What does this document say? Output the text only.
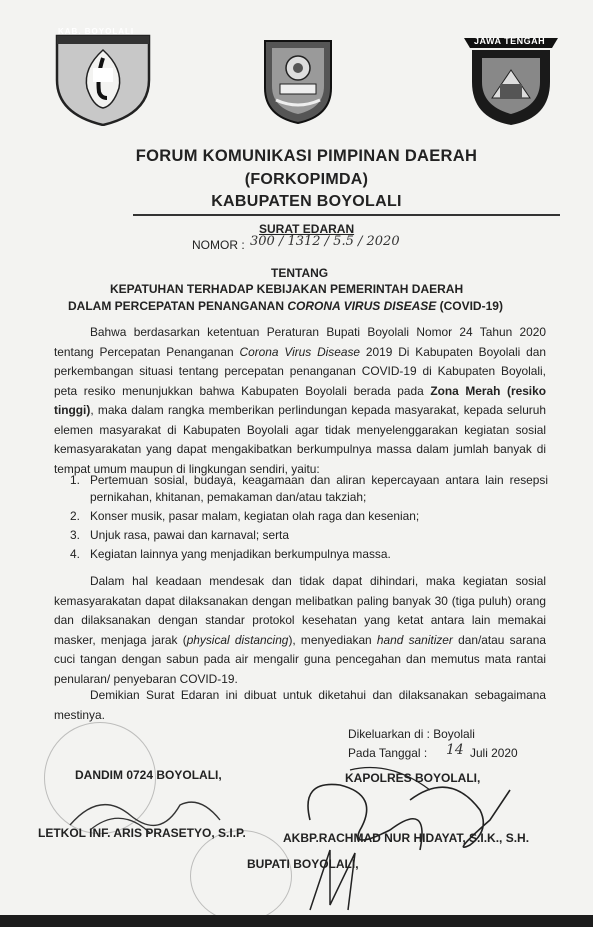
KAB. BOYOLALI
JAWA TENGAH
FORUM KOMUNIKASI PIMPINAN DAERAH
(FORKOPIMDA)
KABUPATEN BOYOLALI
SURAT EDARAN
NOMOR : 300 / 1312 / 5.5 / 2020
TENTANG
KEPATUHAN TERHADAP KEBIJAKAN PEMERINTAH DAERAH
DALAM PERCEPATAN PENANGANAN CORONA VIRUS DISEASE (COVID-19)
Bahwa berdasarkan ketentuan Peraturan Bupati Boyolali Nomor 24 Tahun 2020 tentang Percepatan Penanganan Corona Virus Disease 2019 Di Kabupaten Boyolali dan perkembangan situasi tentang percepatan penanganan COVID-19 di Kabupaten Boyolali, peta resiko menunjukkan bahwa Kabupaten Boyolali berada pada Zona Merah (resiko tinggi), maka dalam rangka memberikan perlindungan kepada masyarakat, kepada seluruh elemen masyarakat di Kabupaten Boyolali agar tidak menyelenggarakan kegiatan sosial kemasyarakatan yang dapat mengakibatkan berkumpulnya massa dalam jumlah banyak di tempat umum maupun di lingkungan sendiri, yaitu:
1. Pertemuan sosial, budaya, keagamaan dan aliran kepercayaan antara lain resepsi pernikahan, khitanan, pemakaman dan/atau takziah;
2. Konser musik, pasar malam, kegiatan olah raga dan kesenian;
3. Unjuk rasa, pawai dan karnaval; serta
4. Kegiatan lainnya yang menjadikan berkumpulnya massa.
Dalam hal keadaan mendesak dan tidak dapat dihindari, maka kegiatan sosial kemasyarakatan dapat dilaksanakan dengan melibatkan paling banyak 30 (tiga puluh) orang dan dilaksanakan dengan standar protokol kesehatan yang ketat antara lain memakai masker, menjaga jarak (physical distancing), menyediakan hand sanitizer dan/atau sarana cuci tangan dengan sabun pada air mengalir guna pencegahan dan memutus mata rantai penularan/ penyebaran COVID-19.
Demikian Surat Edaran ini dibuat untuk diketahui dan dilaksanakan sebagaimana mestinya.
Dikeluarkan di : Boyolali
Pada Tanggal : 14 Juli 2020
DANDIM 0724 BOYOLALI,	KAPOLRES BOYOLALI,
LETKOL INF. ARIS PRASETYO, S.I.P.	AKBP.RACHMAD NUR HIDAYAT, S.I.K., S.H.
BUPATI BOYOLALI,
